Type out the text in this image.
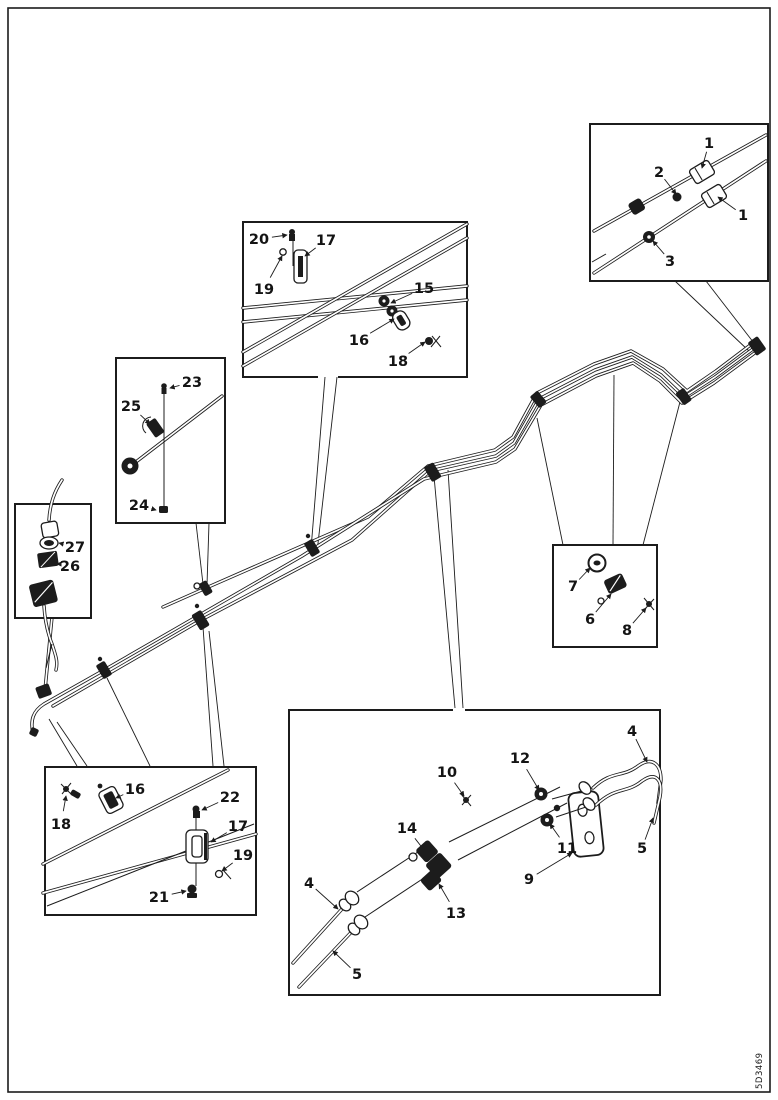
5D3469
1
2
1
3
20	17
19	15
16
18
23
25
24
27
26
7
6
8
16
18
22
17
19
21
10
12
4
14
11
9
13
4
5
5
